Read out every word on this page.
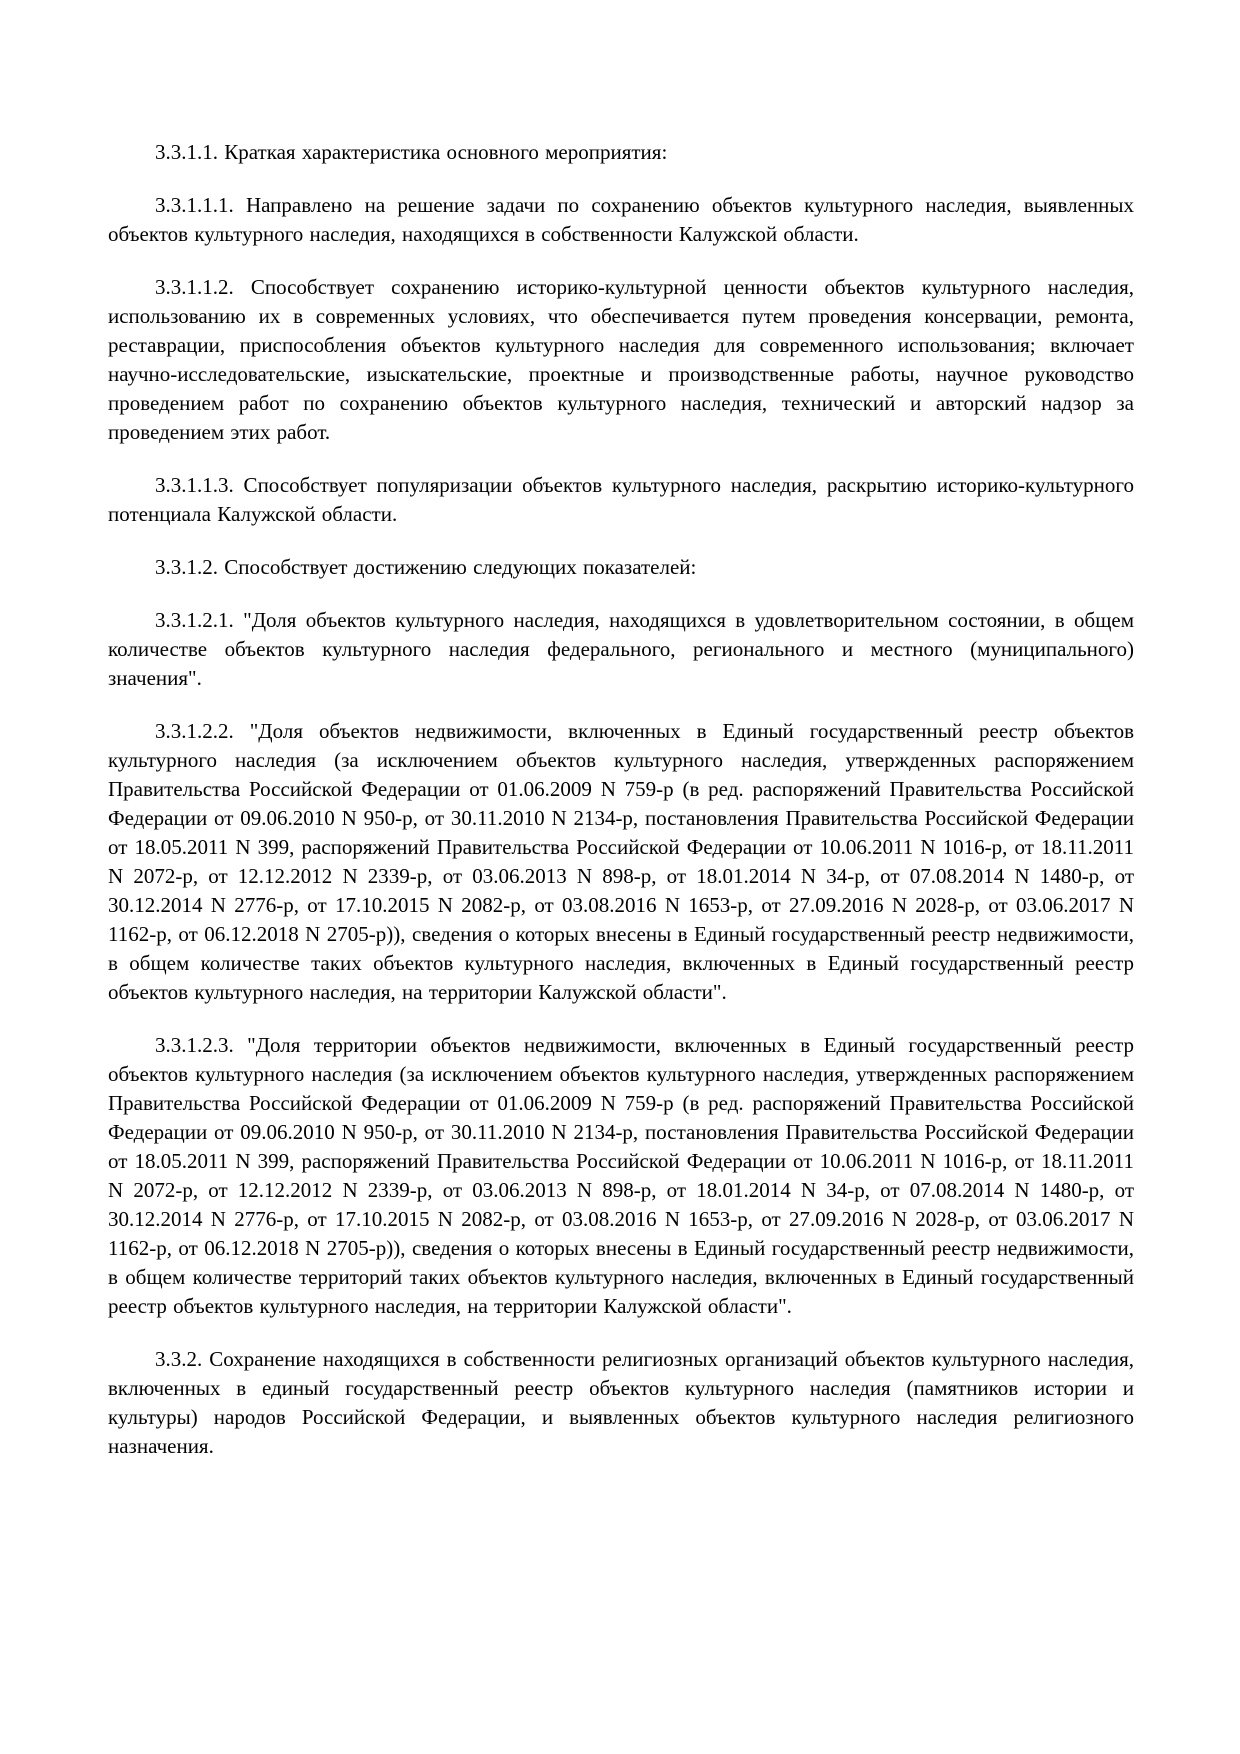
3.3.1.1. Краткая характеристика основного мероприятия:

3.3.1.1.1. Направлено на решение задачи по сохранению объектов культурного наследия, выявленных объектов культурного наследия, находящихся в собственности Калужской области.

3.3.1.1.2. Способствует сохранению историко-культурной ценности объектов культурного наследия, использованию их в современных условиях, что обеспечивается путем проведения консервации, ремонта, реставрации, приспособления объектов культурного наследия для современного использования; включает научно-исследовательские, изыскательские, проектные и производственные работы, научное руководство проведением работ по сохранению объектов культурного наследия, технический и авторский надзор за проведением этих работ.

3.3.1.1.3. Способствует популяризации объектов культурного наследия, раскрытию историко-культурного потенциала Калужской области.

3.3.1.2. Способствует достижению следующих показателей:

3.3.1.2.1. "Доля объектов культурного наследия, находящихся в удовлетворительном состоянии, в общем количестве объектов культурного наследия федерального, регионального и местного (муниципального) значения".

3.3.1.2.2. "Доля объектов недвижимости, включенных в Единый государственный реестр объектов культурного наследия (за исключением объектов культурного наследия, утвержденных распоряжением Правительства Российской Федерации от 01.06.2009 N 759-р (в ред. распоряжений Правительства Российской Федерации от 09.06.2010 N 950-р, от 30.11.2010 N 2134-р, постановления Правительства Российской Федерации от 18.05.2011 N 399, распоряжений Правительства Российской Федерации от 10.06.2011 N 1016-р, от 18.11.2011 N 2072-р, от 12.12.2012 N 2339-р, от 03.06.2013 N 898-р, от 18.01.2014 N 34-р, от 07.08.2014 N 1480-р, от 30.12.2014 N 2776-р, от 17.10.2015 N 2082-р, от 03.08.2016 N 1653-р, от 27.09.2016 N 2028-р, от 03.06.2017 N 1162-р, от 06.12.2018 N 2705-р)), сведения о которых внесены в Единый государственный реестр недвижимости, в общем количестве таких объектов культурного наследия, включенных в Единый государственный реестр объектов культурного наследия, на территории Калужской области".

3.3.1.2.3. "Доля территории объектов недвижимости, включенных в Единый государственный реестр объектов культурного наследия (за исключением объектов культурного наследия, утвержденных распоряжением Правительства Российской Федерации от 01.06.2009 N 759-р (в ред. распоряжений Правительства Российской Федерации от 09.06.2010 N 950-р, от 30.11.2010 N 2134-р, постановления Правительства Российской Федерации от 18.05.2011 N 399, распоряжений Правительства Российской Федерации от 10.06.2011 N 1016-р, от 18.11.2011 N 2072-р, от 12.12.2012 N 2339-р, от 03.06.2013 N 898-р, от 18.01.2014 N 34-р, от 07.08.2014 N 1480-р, от 30.12.2014 N 2776-р, от 17.10.2015 N 2082-р, от 03.08.2016 N 1653-р, от 27.09.2016 N 2028-р, от 03.06.2017 N 1162-р, от 06.12.2018 N 2705-р)), сведения о которых внесены в Единый государственный реестр недвижимости, в общем количестве территорий таких объектов культурного наследия, включенных в Единый государственный реестр объектов культурного наследия, на территории Калужской области".

3.3.2. Сохранение находящихся в собственности религиозных организаций объектов культурного наследия, включенных в единый государственный реестр объектов культурного наследия (памятников истории и культуры) народов Российской Федерации, и выявленных объектов культурного наследия религиозного назначения.
